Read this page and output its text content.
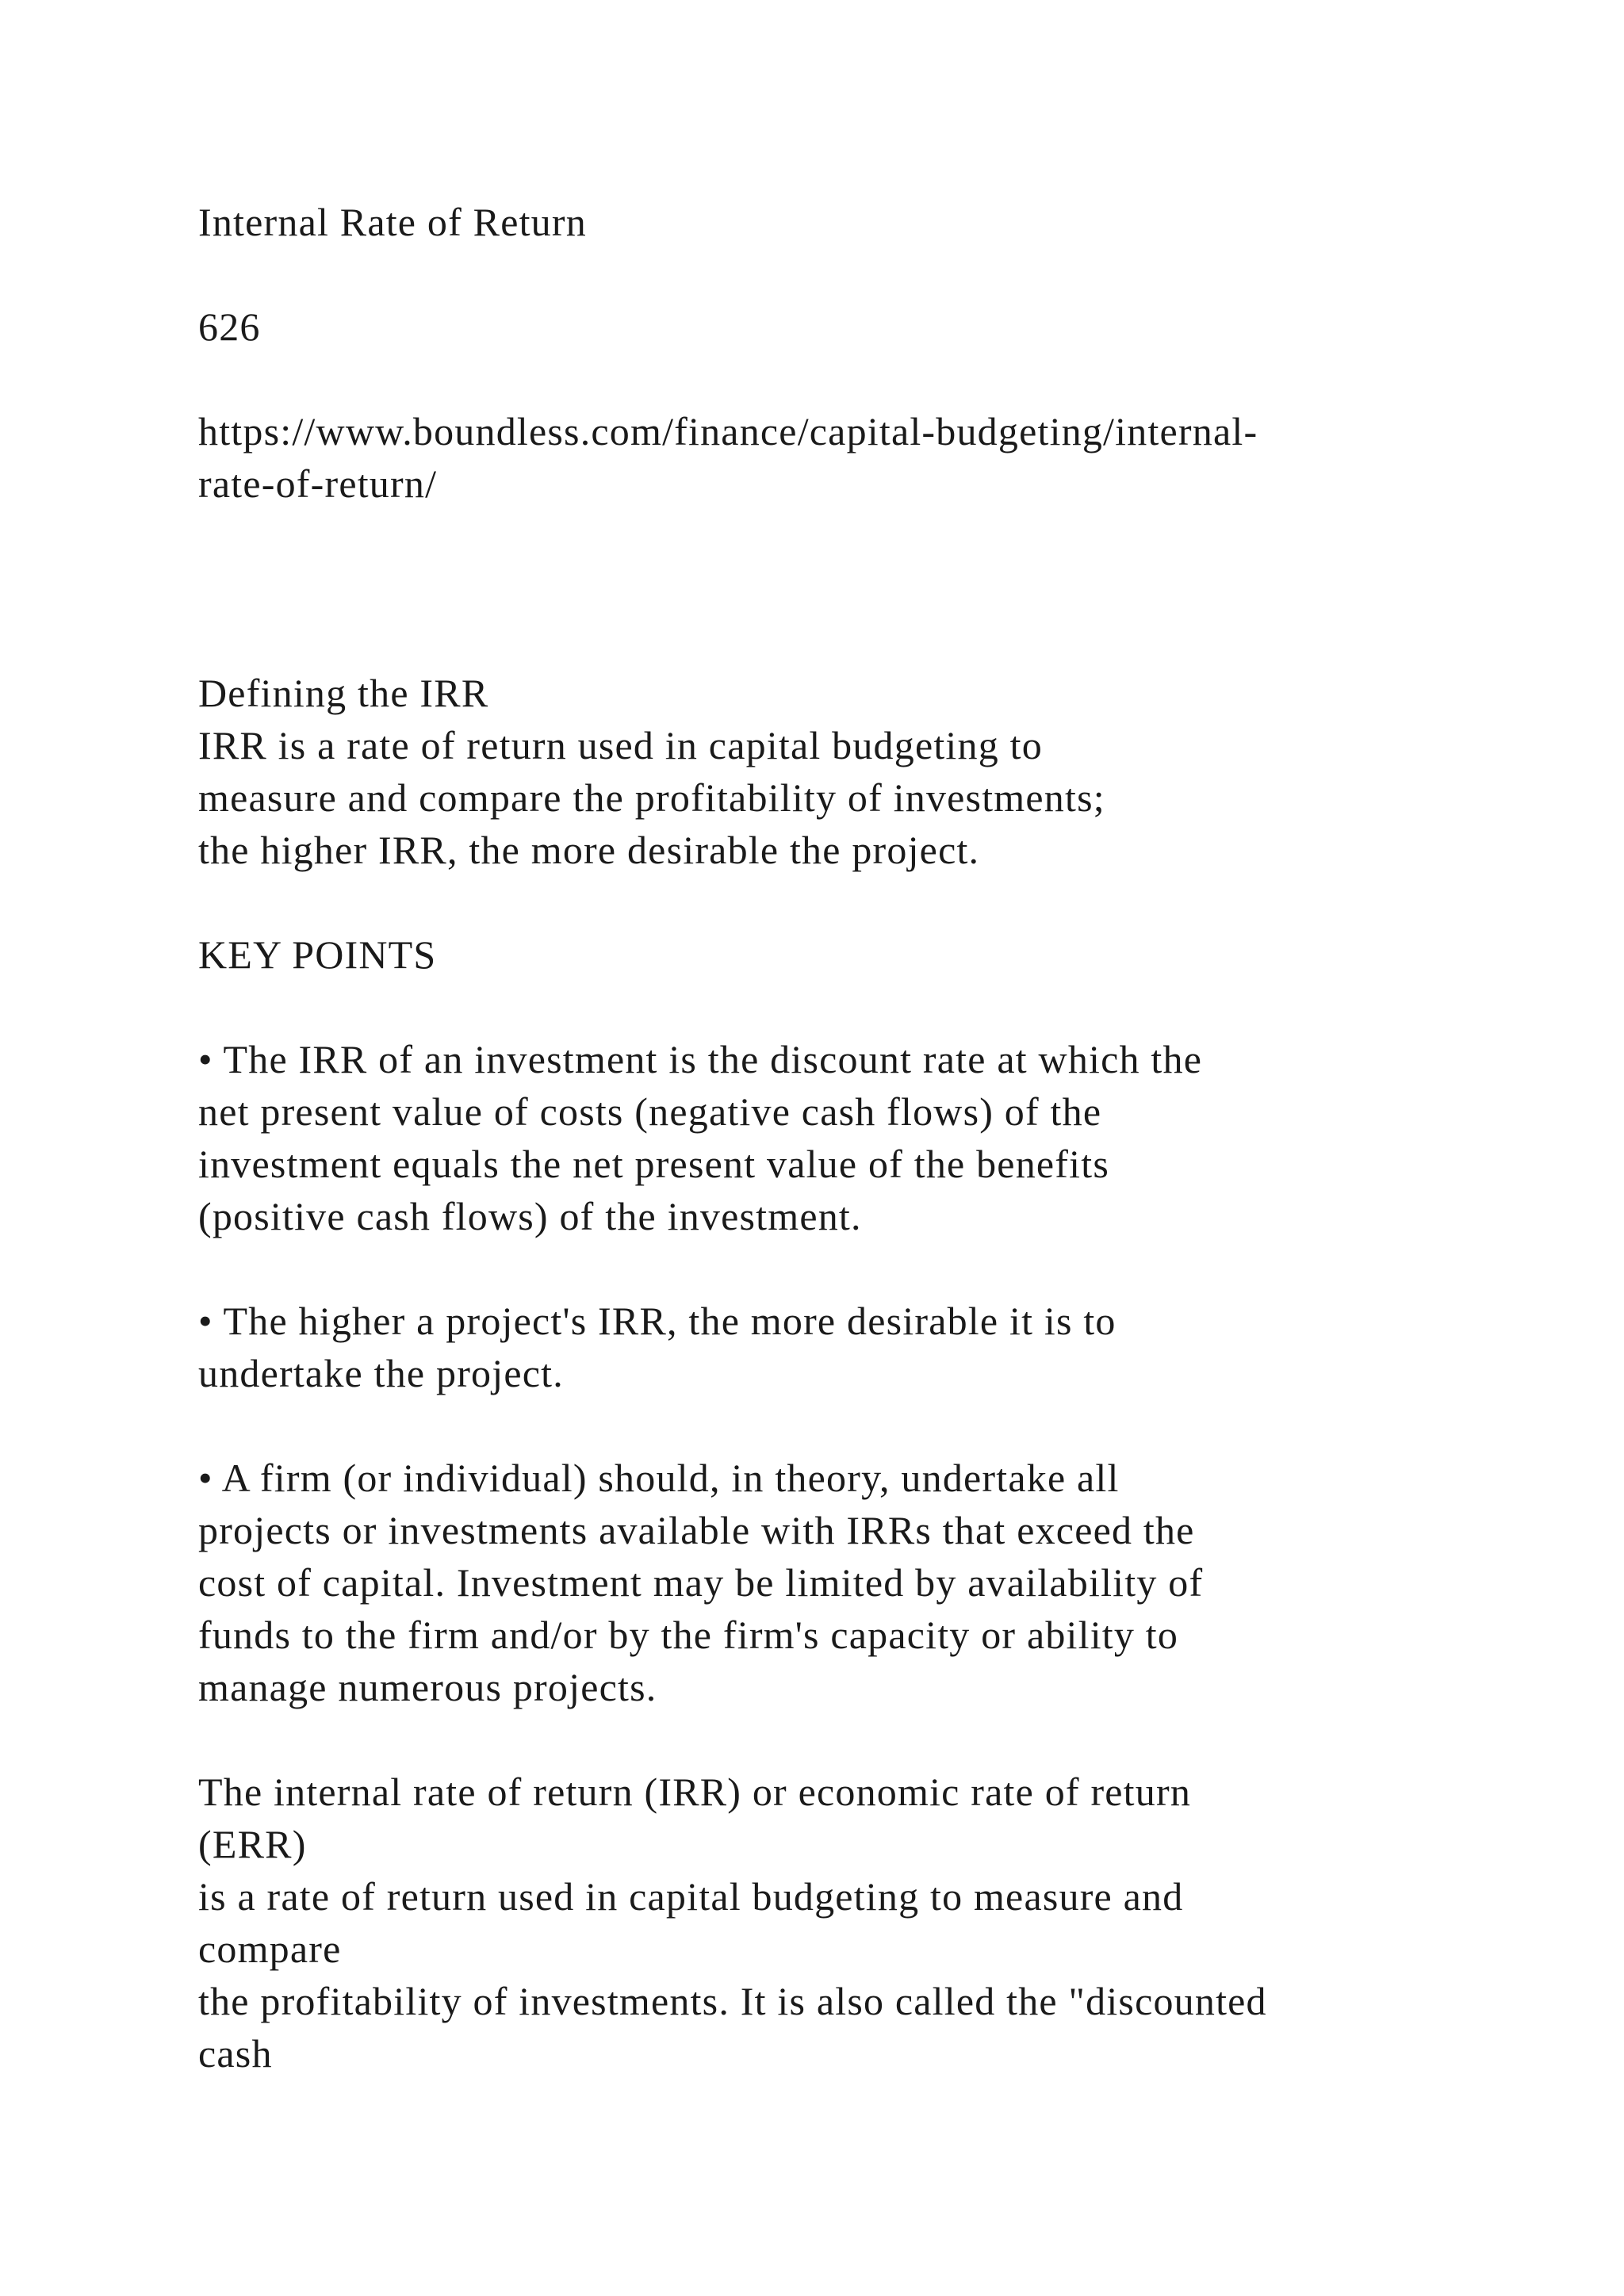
Internal Rate of Return

626

https://www.boundless.com/finance/capital-budgeting/internal-

rate-of-return/

Defining the IRR

IRR is a rate of return used in capital budgeting to

measure and compare the profitability of investments;

the higher IRR, the more desirable the project.

KEY POINTS

• The IRR of an investment is the discount rate at which the

net present value of costs (negative cash flows) of the

investment equals the net present value of the benefits

(positive cash flows) of the investment.

• The higher a project's IRR, the more desirable it is to

undertake the project.

• A firm (or individual) should, in theory, undertake all

projects or investments available with IRRs that exceed the

cost of capital. Investment may be limited by availability of

funds to the firm and/or by the firm's capacity or ability to

manage numerous projects.

The internal rate of return (IRR) or economic rate of return

(ERR)

is a rate of return used in capital budgeting to measure and

compare

the profitability of investments. It is also called the "discounted

cash
